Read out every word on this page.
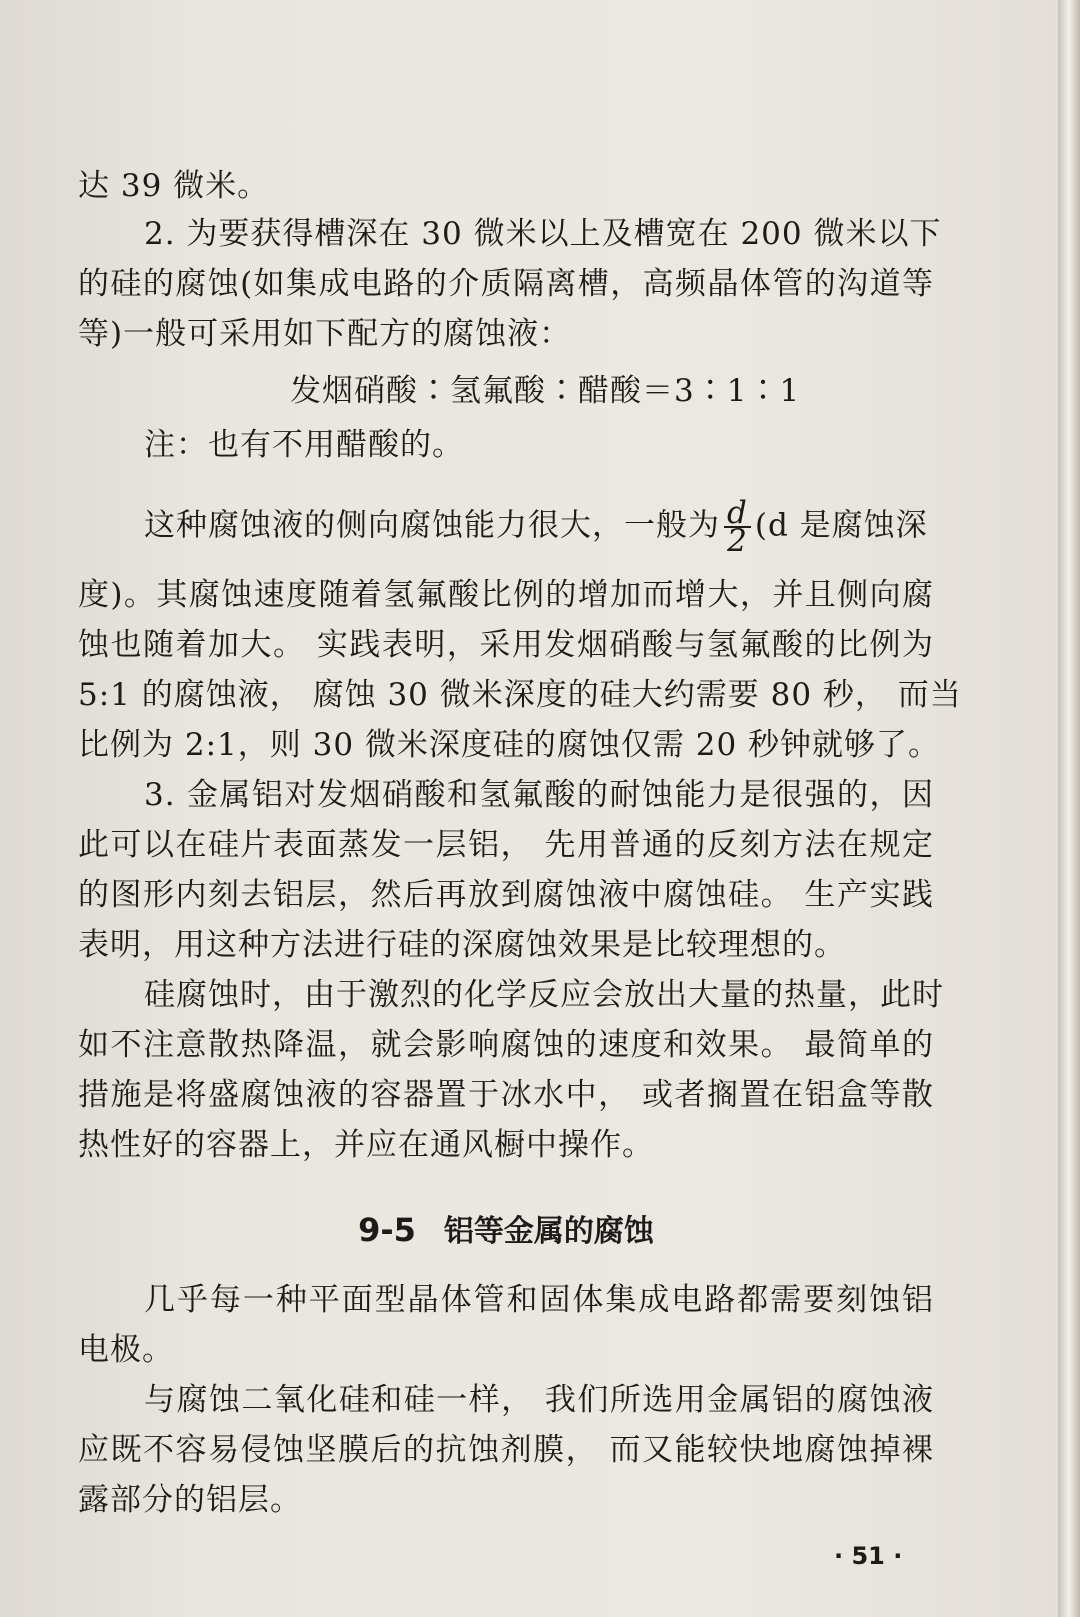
达 39 微米。
2. 为要获得槽深在 30 微米以上及槽宽在 200 微米以下
的硅的腐蚀(如集成电路的介质隔离槽，高频晶体管的沟道等
等)一般可采用如下配方的腐蚀液：
发烟硝酸∶氢氟酸∶醋酸＝3∶1∶1
注：也有不用醋酸的。
这种腐蚀液的侧向腐蚀能力很大，一般为 $\frac{d}{2} (d$ 是腐蚀深
度)。其腐蚀速度随着氢氟酸比例的增加而增大，并且侧向腐
蚀也随着加大。 实践表明，采用发烟硝酸与氢氟酸的比例为
5:1 的腐蚀液， 腐蚀 30 微米深度的硅大约需要 80 秒， 而当
比例为 2:1，则 30 微米深度硅的腐蚀仅需 20 秒钟就够了。
3. 金属铝对发烟硝酸和氢氟酸的耐蚀能力是很强的，因
此可以在硅片表面蒸发一层铝， 先用普通的反刻方法在规定
的图形内刻去铝层，然后再放到腐蚀液中腐蚀硅。 生产实践
表明，用这种方法进行硅的深腐蚀效果是比较理想的。
硅腐蚀时，由于激烈的化学反应会放出大量的热量，此时
如不注意散热降温，就会影响腐蚀的速度和效果。 最简单的
措施是将盛腐蚀液的容器置于冰水中， 或者搁置在铝盒等散
热性好的容器上，并应在通风橱中操作。
9-5 铝等金属的腐蚀
几乎每一种平面型晶体管和固体集成电路都需要刻蚀铝
电极。
与腐蚀二氧化硅和硅一样， 我们所选用金属铝的腐蚀液
应既不容易侵蚀坚膜后的抗蚀剂膜， 而又能较快地腐蚀掉裸
露部分的铝层。
· 51 ·
